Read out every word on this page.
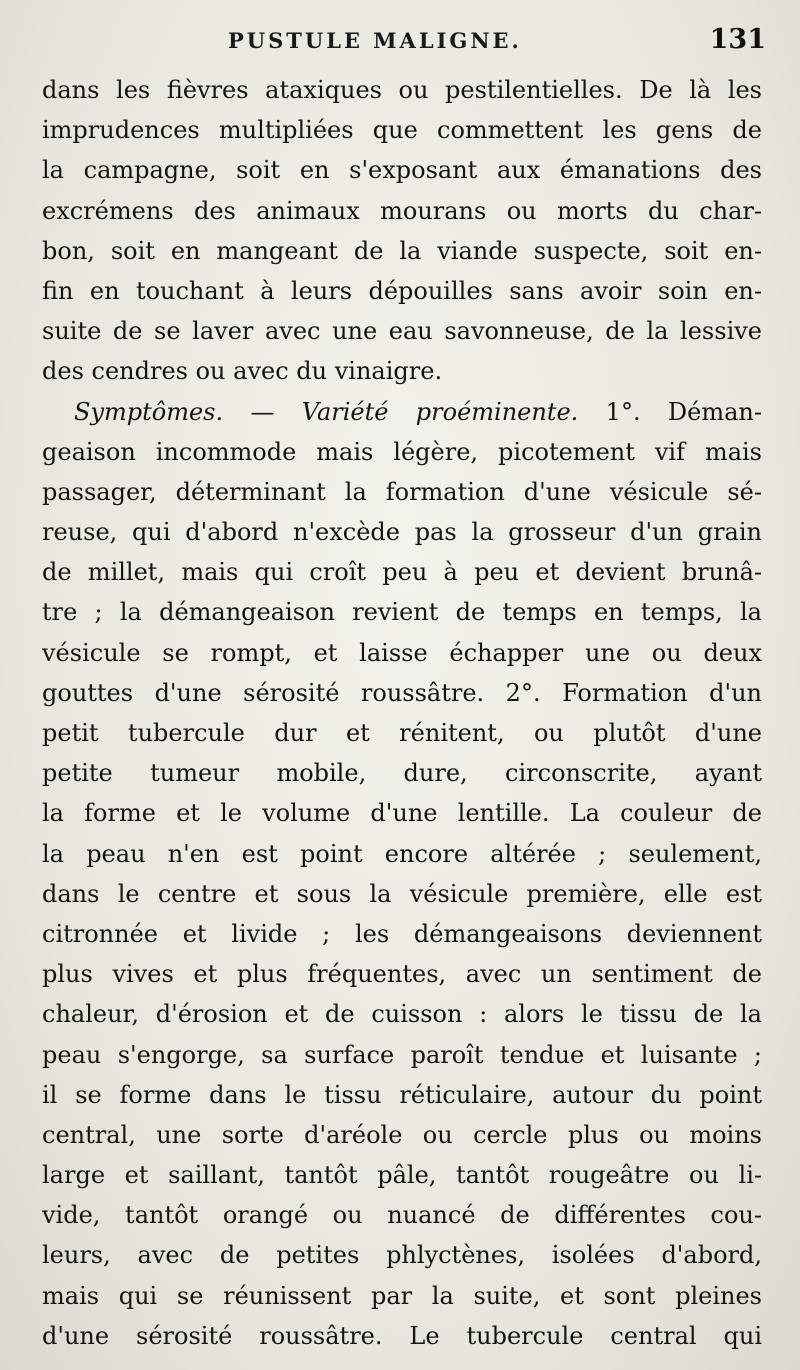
PUSTULE MALIGNE.	131
dans les fièvres ataxiques ou pestilentielles. De là les
imprudences multipliées que commettent les gens de
la campagne, soit en s'exposant aux émanations des
excrémens des animaux mourans ou morts du char-
bon, soit en mangeant de la viande suspecte, soit en-
fin en touchant à leurs dépouilles sans avoir soin en-
suite de se laver avec une eau savonneuse, de la lessive
des cendres ou avec du vinaigre.
Symptômes. — Variété proéminente. 1°. Déman-
geaison incommode mais légère, picotement vif mais
passager, déterminant la formation d'une vésicule sé-
reuse, qui d'abord n'excède pas la grosseur d'un grain
de millet, mais qui croît peu à peu et devient brunâ-
tre ; la démangeaison revient de temps en temps, la
vésicule se rompt, et laisse échapper une ou deux
gouttes d'une sérosité roussâtre. 2°. Formation d'un
petit tubercule dur et rénitent, ou plutôt d'une
petite tumeur mobile, dure, circonscrite, ayant
la forme et le volume d'une lentille. La couleur de
la peau n'en est point encore altérée ; seulement,
dans le centre et sous la vésicule première, elle est
citronnée et livide ; les démangeaisons deviennent
plus vives et plus fréquentes, avec un sentiment de
chaleur, d'érosion et de cuisson : alors le tissu de la
peau s'engorge, sa surface paroît tendue et luisante ;
il se forme dans le tissu réticulaire, autour du point
central, une sorte d'aréole ou cercle plus ou moins
large et saillant, tantôt pâle, tantôt rougeâtre ou li-
vide, tantôt orangé ou nuancé de différentes cou-
leurs, avec de petites phlyctènes, isolées d'abord,
mais qui se réunissent par la suite, et sont pleines
d'une sérosité roussâtre. Le tubercule central qui
